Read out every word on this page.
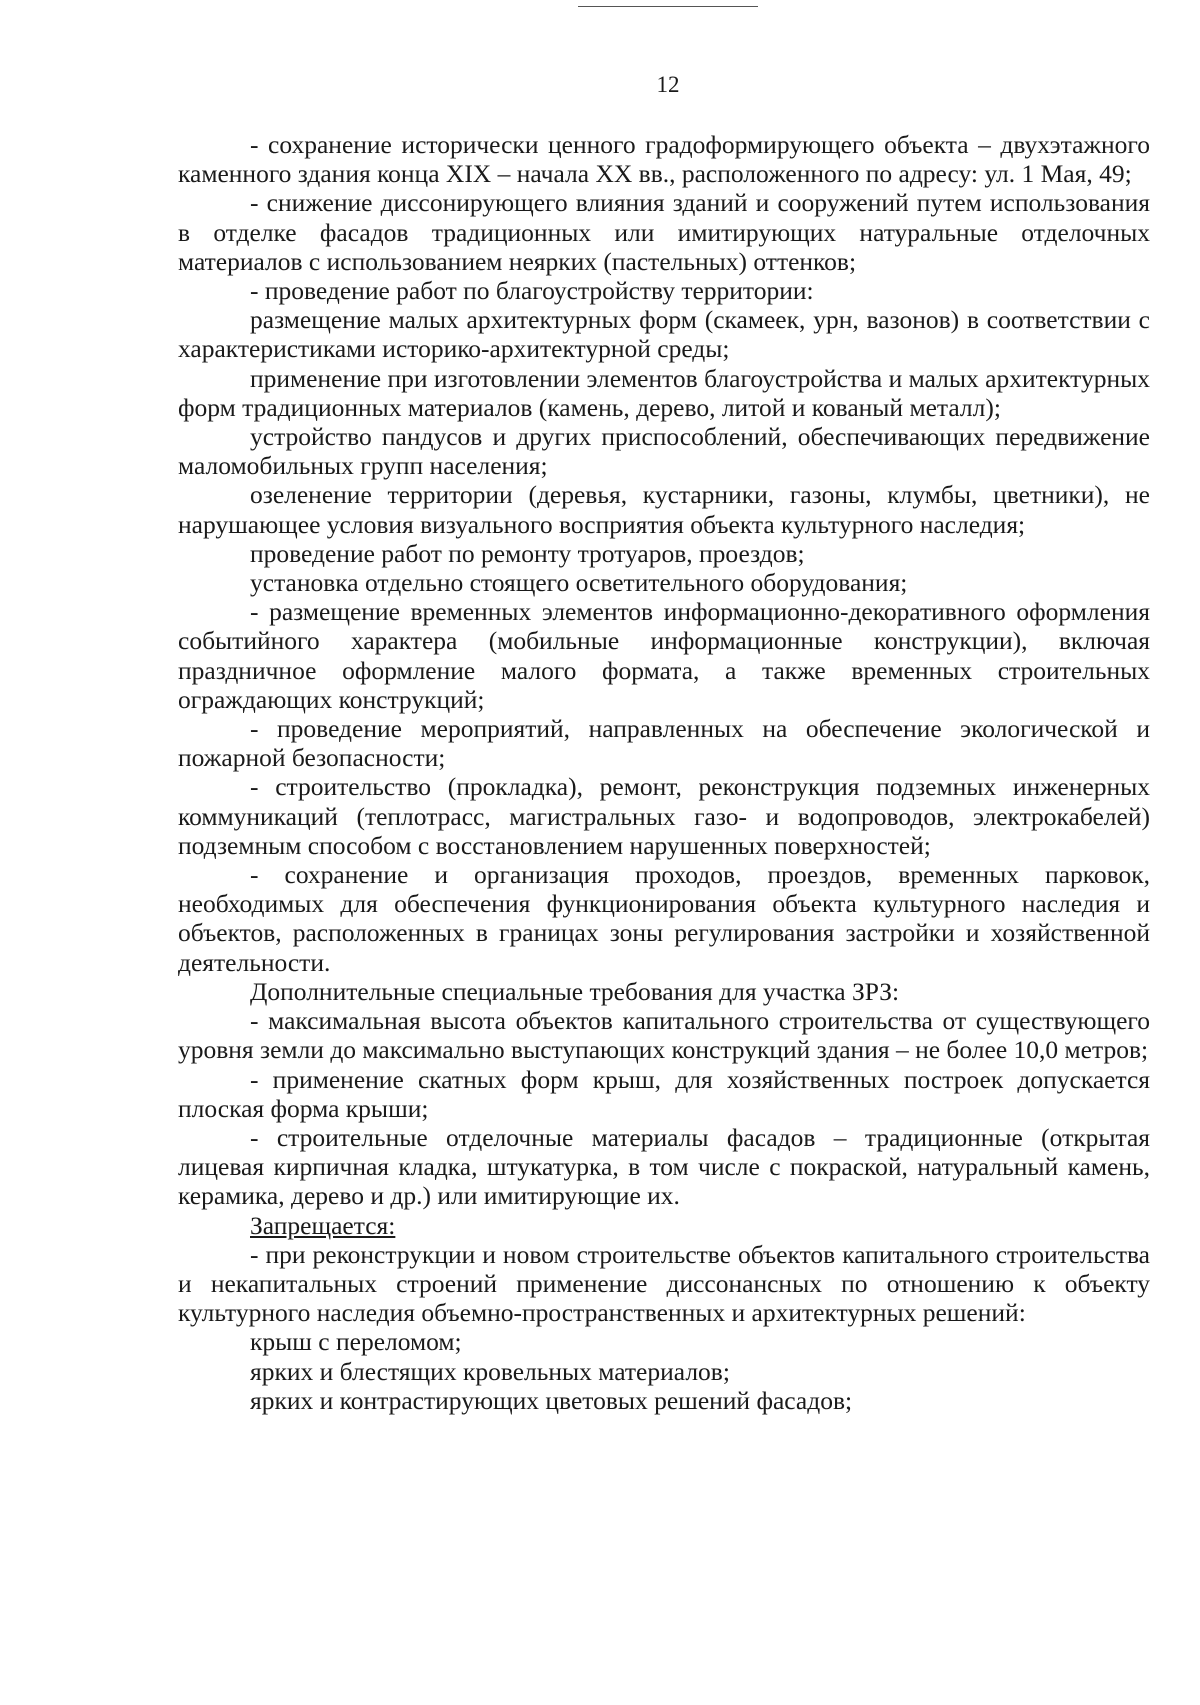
12

- сохранение исторически ценного градоформирующего объекта – двухэтажного каменного здания конца XIX – начала XX вв., расположенного по адресу: ул. 1 Мая, 49;

- снижение диссонирующего влияния зданий и сооружений путем использования в отделке фасадов традиционных или имитирующих натуральные отделочных материалов с использованием неярких (пастельных) оттенков;

- проведение работ по благоустройству территории:

размещение малых архитектурных форм (скамеек, урн, вазонов) в соответствии с характеристиками историко-архитектурной среды;

применение при изготовлении элементов благоустройства и малых архитектурных форм традиционных материалов (камень, дерево, литой и кованый металл);

устройство пандусов и других приспособлений, обеспечивающих передвижение маломобильных групп населения;

озеленение территории (деревья, кустарники, газоны, клумбы, цветники), не нарушающее условия визуального восприятия объекта культурного наследия;

проведение работ по ремонту тротуаров, проездов;

установка отдельно стоящего осветительного оборудования;

- размещение временных элементов информационно-декоративного оформления событийного характера (мобильные информационные конструкции), включая праздничное оформление малого формата, а также временных строительных ограждающих конструкций;

- проведение мероприятий, направленных на обеспечение экологической и пожарной безопасности;

- строительство (прокладка), ремонт, реконструкция подземных инженерных коммуникаций (теплотрасс, магистральных газо- и водопроводов, электрокабелей) подземным способом с восстановлением нарушенных поверхностей;

- сохранение и организация проходов, проездов, временных парковок, необходимых для обеспечения функционирования объекта культурного наследия и объектов, расположенных в границах зоны регулирования застройки и хозяйственной деятельности.

Дополнительные специальные требования для участка ЗРЗ:

- максимальная высота объектов капитального строительства от существующего уровня земли до максимально выступающих конструкций здания – не более 10,0 метров;

- применение скатных форм крыш, для хозяйственных построек допускается плоская форма крыши;

- строительные отделочные материалы фасадов – традиционные (открытая лицевая кирпичная кладка, штукатурка, в том числе с покраской, натуральный камень, керамика, дерево и др.) или имитирующие их.

Запрещается:

- при реконструкции и новом строительстве объектов капитального строительства и некапитальных строений применение диссонансных по отношению к объекту культурного наследия объемно-пространственных и архитектурных решений:

крыш с переломом;

ярких и блестящих кровельных материалов;

ярких и контрастирующих цветовых решений фасадов;
